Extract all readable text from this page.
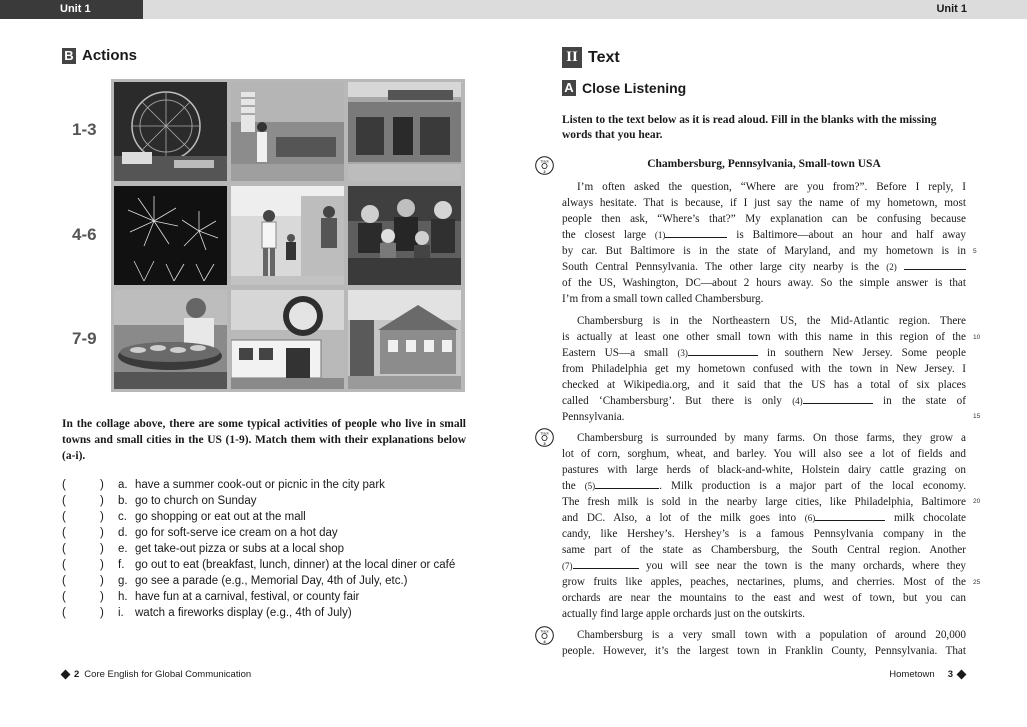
Unit 1	Unit 1
B Actions
1-3
4-6
7-9
In the collage above, there are some typical activities of people who live in small towns and small cities in the US (1-9). Match them with their explanations below (a-i).
(	) a. have a summer cook-out or picnic in the city park
(	) b. go to church on Sunday
(	) c. go shopping or eat out at the mall
(	) d. go for soft-serve ice cream on a hot day
(	) e. get take-out pizza or subs at a local shop
(	) f. go out to eat (breakfast, lunch, dinner) at the local diner or café
(	) g. go see a parade (e.g., Memorial Day, 4th of July, etc.)
(	) h. have fun at a carnival, festival, or county fair
(	) i. watch a fireworks display (e.g., 4th of July)
2 Core English for Global Communication
II Text
A Close Listening
Listen to the text below as it is read aloud. Fill in the blanks with the missing words that you hear.
Chambersburg, Pennsylvania, Small-town USA
Track
2
Track
3
Track
4
I’m often asked the question, “Where are you from?”. Before I reply, I
always hesitate. That is because, if I just say the name of my hometown, most
people then ask, “Where’s that?” My explanation can be confusing because
the closest large (1)	is Baltimore—about an hour and half away
by car. But Baltimore is in the state of Maryland, and my hometown is in
South Central Pennsylvania. The other large city nearby is the (2)
of the US, Washington, DC—about 2 hours away. So the simple answer is that
I’m from a small town called Chambersburg.
Chambersburg is in the Northeastern US, the Mid-Atlantic region. There
is actually at least one other small town with this name in this region of the
Eastern US—a small (3)	in southern New Jersey. Some people
from Philadelphia get my hometown confused with the town in New Jersey. I
checked at Wikipedia.org, and it said that the US has a total of six places
called ‘Chambersburg’. But there is only (4)	in the state of
Pennsylvania.
Chambersburg is surrounded by many farms. On those farms, they grow a
lot of corn, sorghum, wheat, and barley. You will also see a lot of fields and
pastures with large herds of black-and-white, Holstein dairy cattle grazing on
the (5)	. Milk production is a major part of the local economy.
The fresh milk is sold in the nearby large cities, like Philadelphia, Baltimore
and DC. Also, a lot of the milk goes into (6)	milk chocolate
candy, like Hershey’s. Hershey’s is a famous Pennsylvania company in the
same part of the state as Chambersburg, the South Central region. Another
(7)	you will see near the town is the many orchards, where they
grow fruits like apples, peaches, nectarines, plums, and cherries. Most of the
orchards are near the mountains to the east and west of town, but you can
actually find large apple orchards just on the outskirts.
Chambersburg is a very small town with a population of around 20,000
people. However, it’s the largest town in Franklin County, Pennsylvania. That
5
10
15
20
25
Hometown 3
